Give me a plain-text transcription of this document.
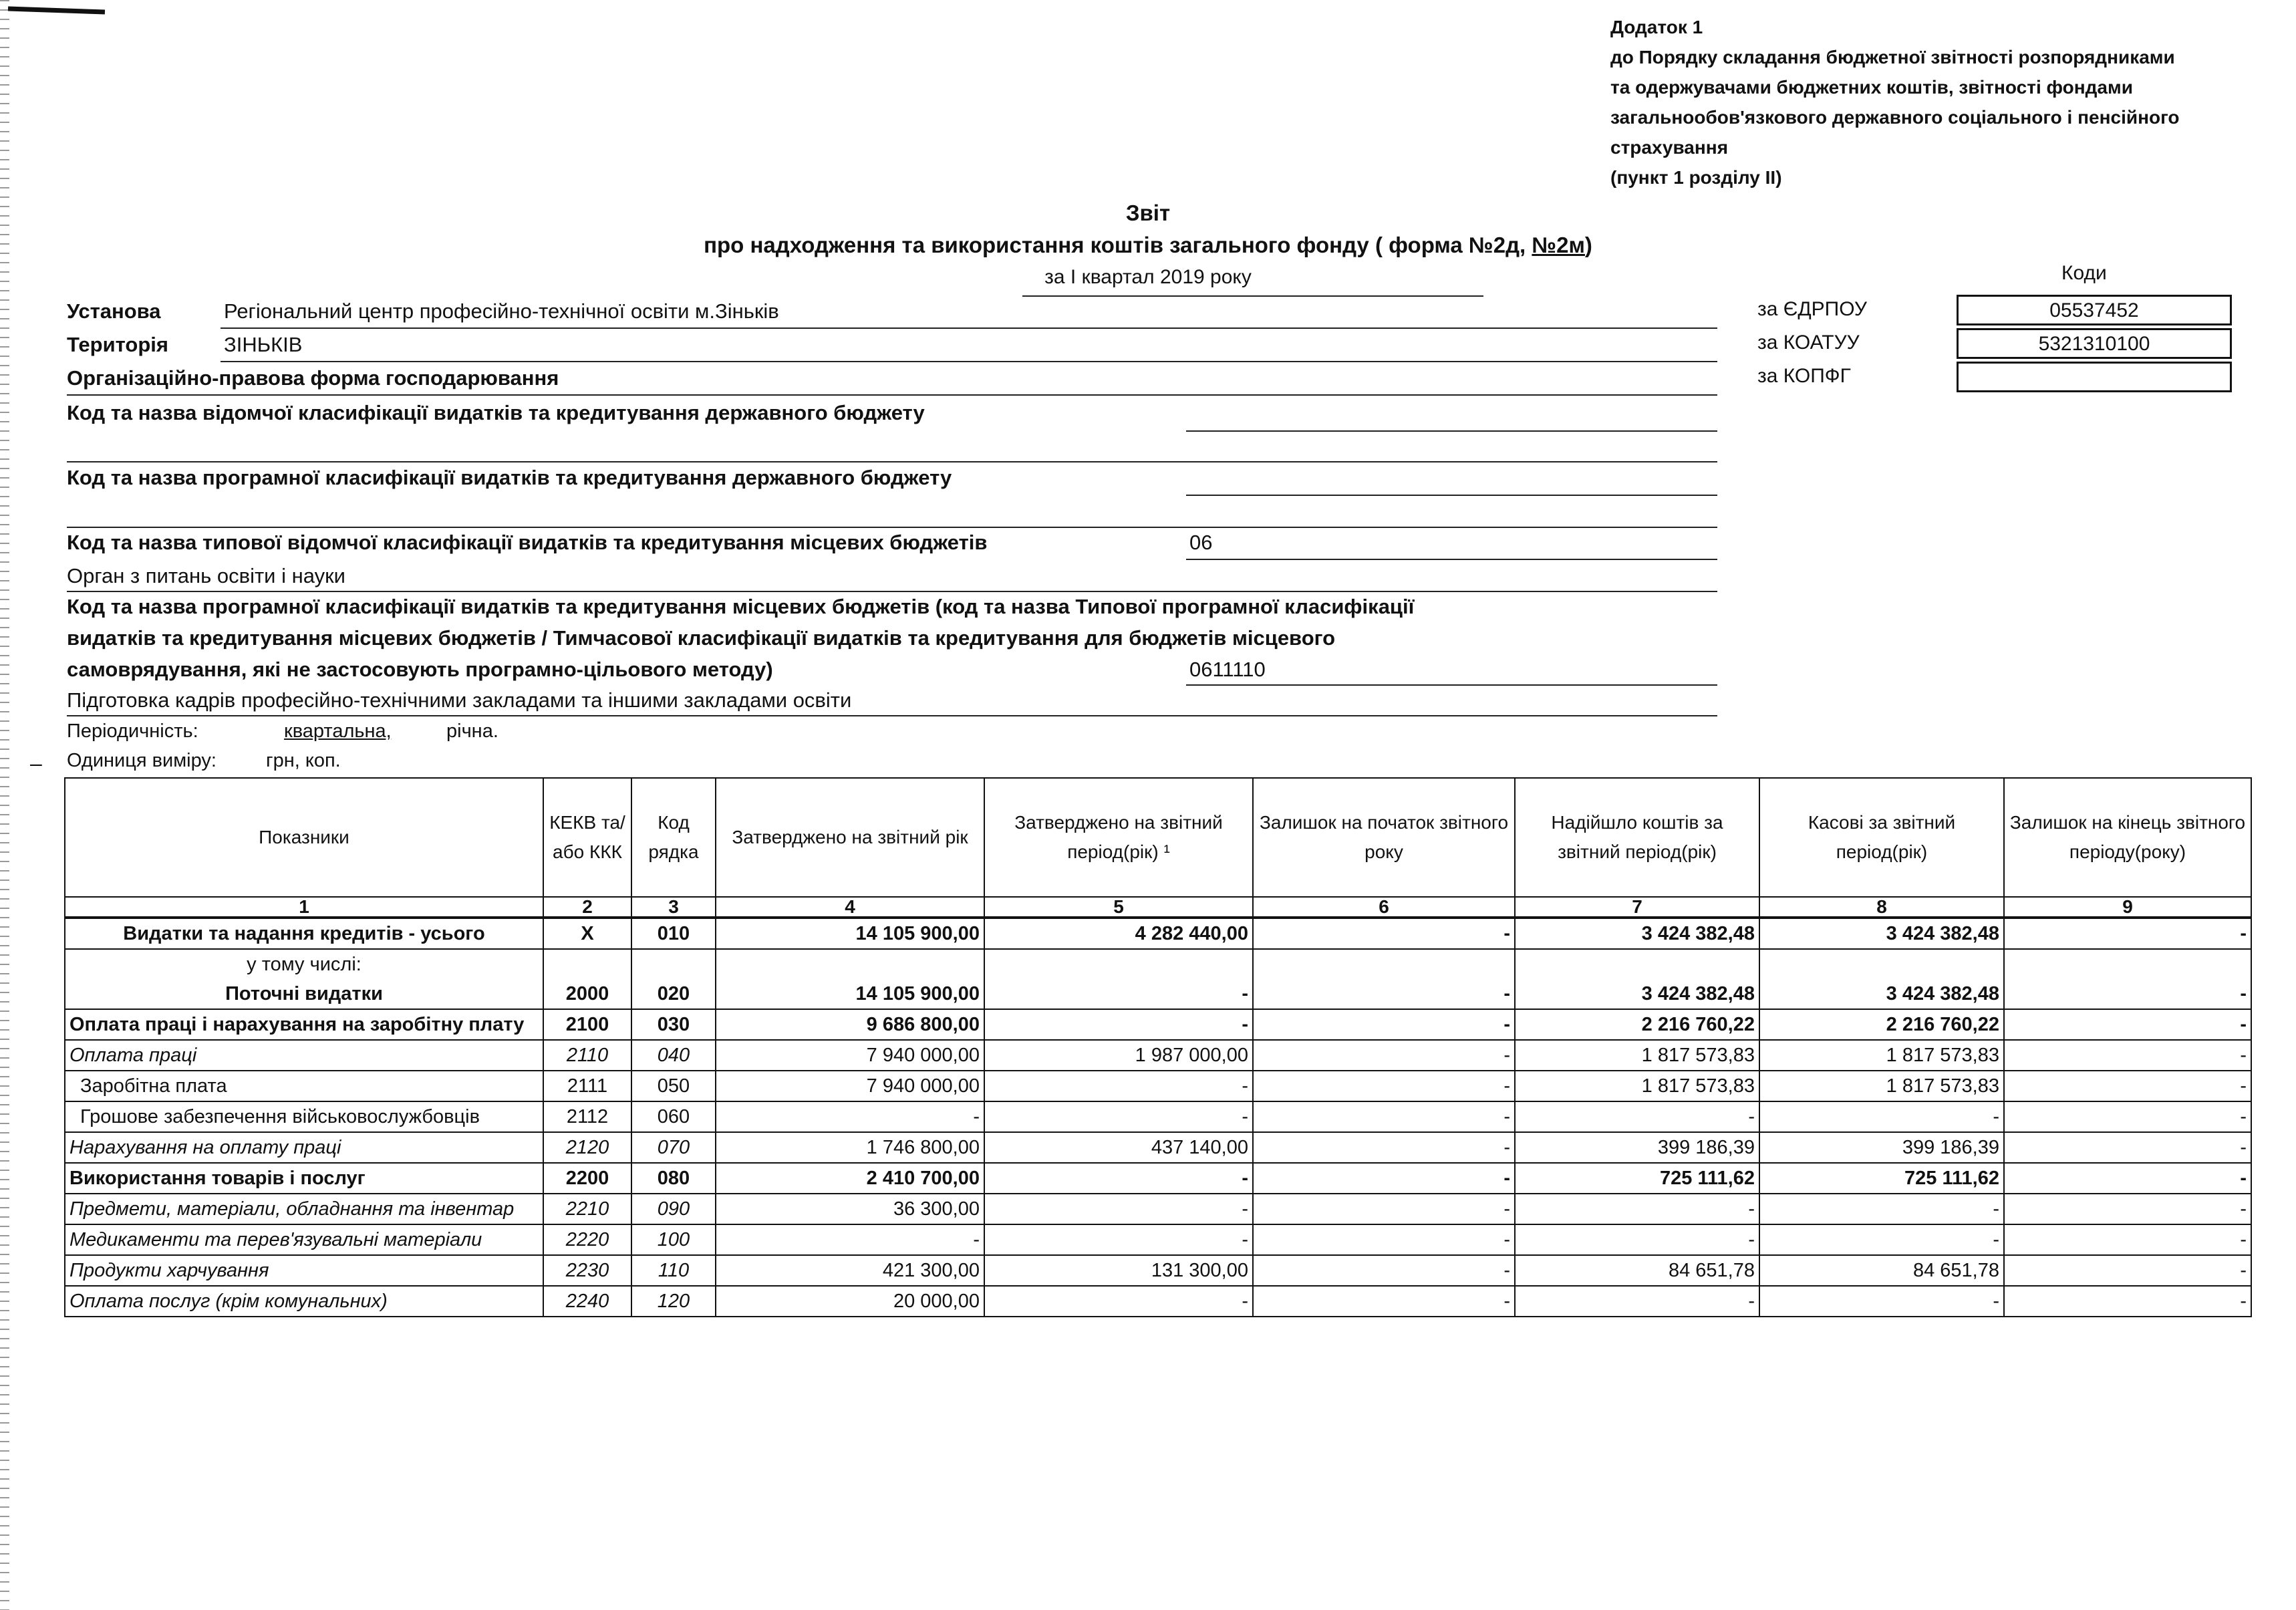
Додаток 1
до Порядку складання бюджетної звітності розпорядниками
та одержувачами бюджетних коштів, звітності фондами
загальнообов'язкового державного соціального і пенсійного
страхування
(пункт 1 розділу II)
Звіт
про надходження та використання коштів загального фонду ( форма №2д, №2м)
за I квартал 2019 року	Коди
за ЄДРПОУ	05537452
за КОАТУУ	5321310100
за КОПФГ
Установа	Регіональний центр професійно-технічної освіти м.Зіньків
Територія	ЗІНЬКІВ
Організаційно-правова форма господарювання
Код та назва відомчої класифікації видатків та кредитування державного бюджету
Код та назва програмної класифікації видатків та кредитування державного бюджету
Код та назва типової відомчої класифікації видатків та кредитування місцевих бюджетів	06
Орган з питань освіти і науки
Код та назва програмної класифікації видатків та кредитування місцевих бюджетів (код та назва Типової програмної класифікації
видатків та кредитування місцевих бюджетів / Тимчасової класифікації видатків та кредитування для бюджетів місцевого
самоврядування, які не застосовують програмно-цільового методу)	0611110
Підготовка кадрів професійно-технічними закладами та іншими закладами освіти
Періодичність:	квартальна,	річна.
– Одиниця виміру:	грн, коп.
Показники	КЕКВ та/або ККК	Код рядка	Затверджено на звітний рік	Затверджено на звітний період(рік) ¹	Залишок на початок звітного року	Надійшло коштів за звітний період(рік)	Касові за звітний період(рік)	Залишок на кінець звітного періоду(року)
1	2	3	4	5	6	7	8	9
Видатки та надання кредитів - усього	X	010	14 105 900,00	4 282 440,00	-	3 424 382,48	3 424 382,48	-

у тому числі:
Поточні видатки	2000	020	14 105 900,00	-	-	3 424 382,48	3 424 382,48	-
Оплата праці і нарахування на заробітну плату	2100	030	9 686 800,00	-	-	2 216 760,22	2 216 760,22	-
Оплата праці	2110	040	7 940 000,00	1 987 000,00	-	1 817 573,83	1 817 573,83	-
Заробітна плата	2111	050	7 940 000,00	-	-	1 817 573,83	1 817 573,83	-
Грошове забезпечення військовослужбовців	2112	060	-	-	-	-	-	-
Нарахування на оплату праці	2120	070	1 746 800,00	437 140,00	-	399 186,39	399 186,39	-
Використання товарів і послуг	2200	080	2 410 700,00	-	-	725 111,62	725 111,62	-
Предмети, матеріали, обладнання та інвентар	2210	090	36 300,00	-	-	-	-	-
Медикаменти та перев'язувальні матеріали	2220	100	-	-	-	-	-	-
Продукти харчування	2230	110	421 300,00	131 300,00	-	84 651,78	84 651,78	-
Оплата послуг (крім комунальних)	2240	120	20 000,00	-	-	-	-	-
